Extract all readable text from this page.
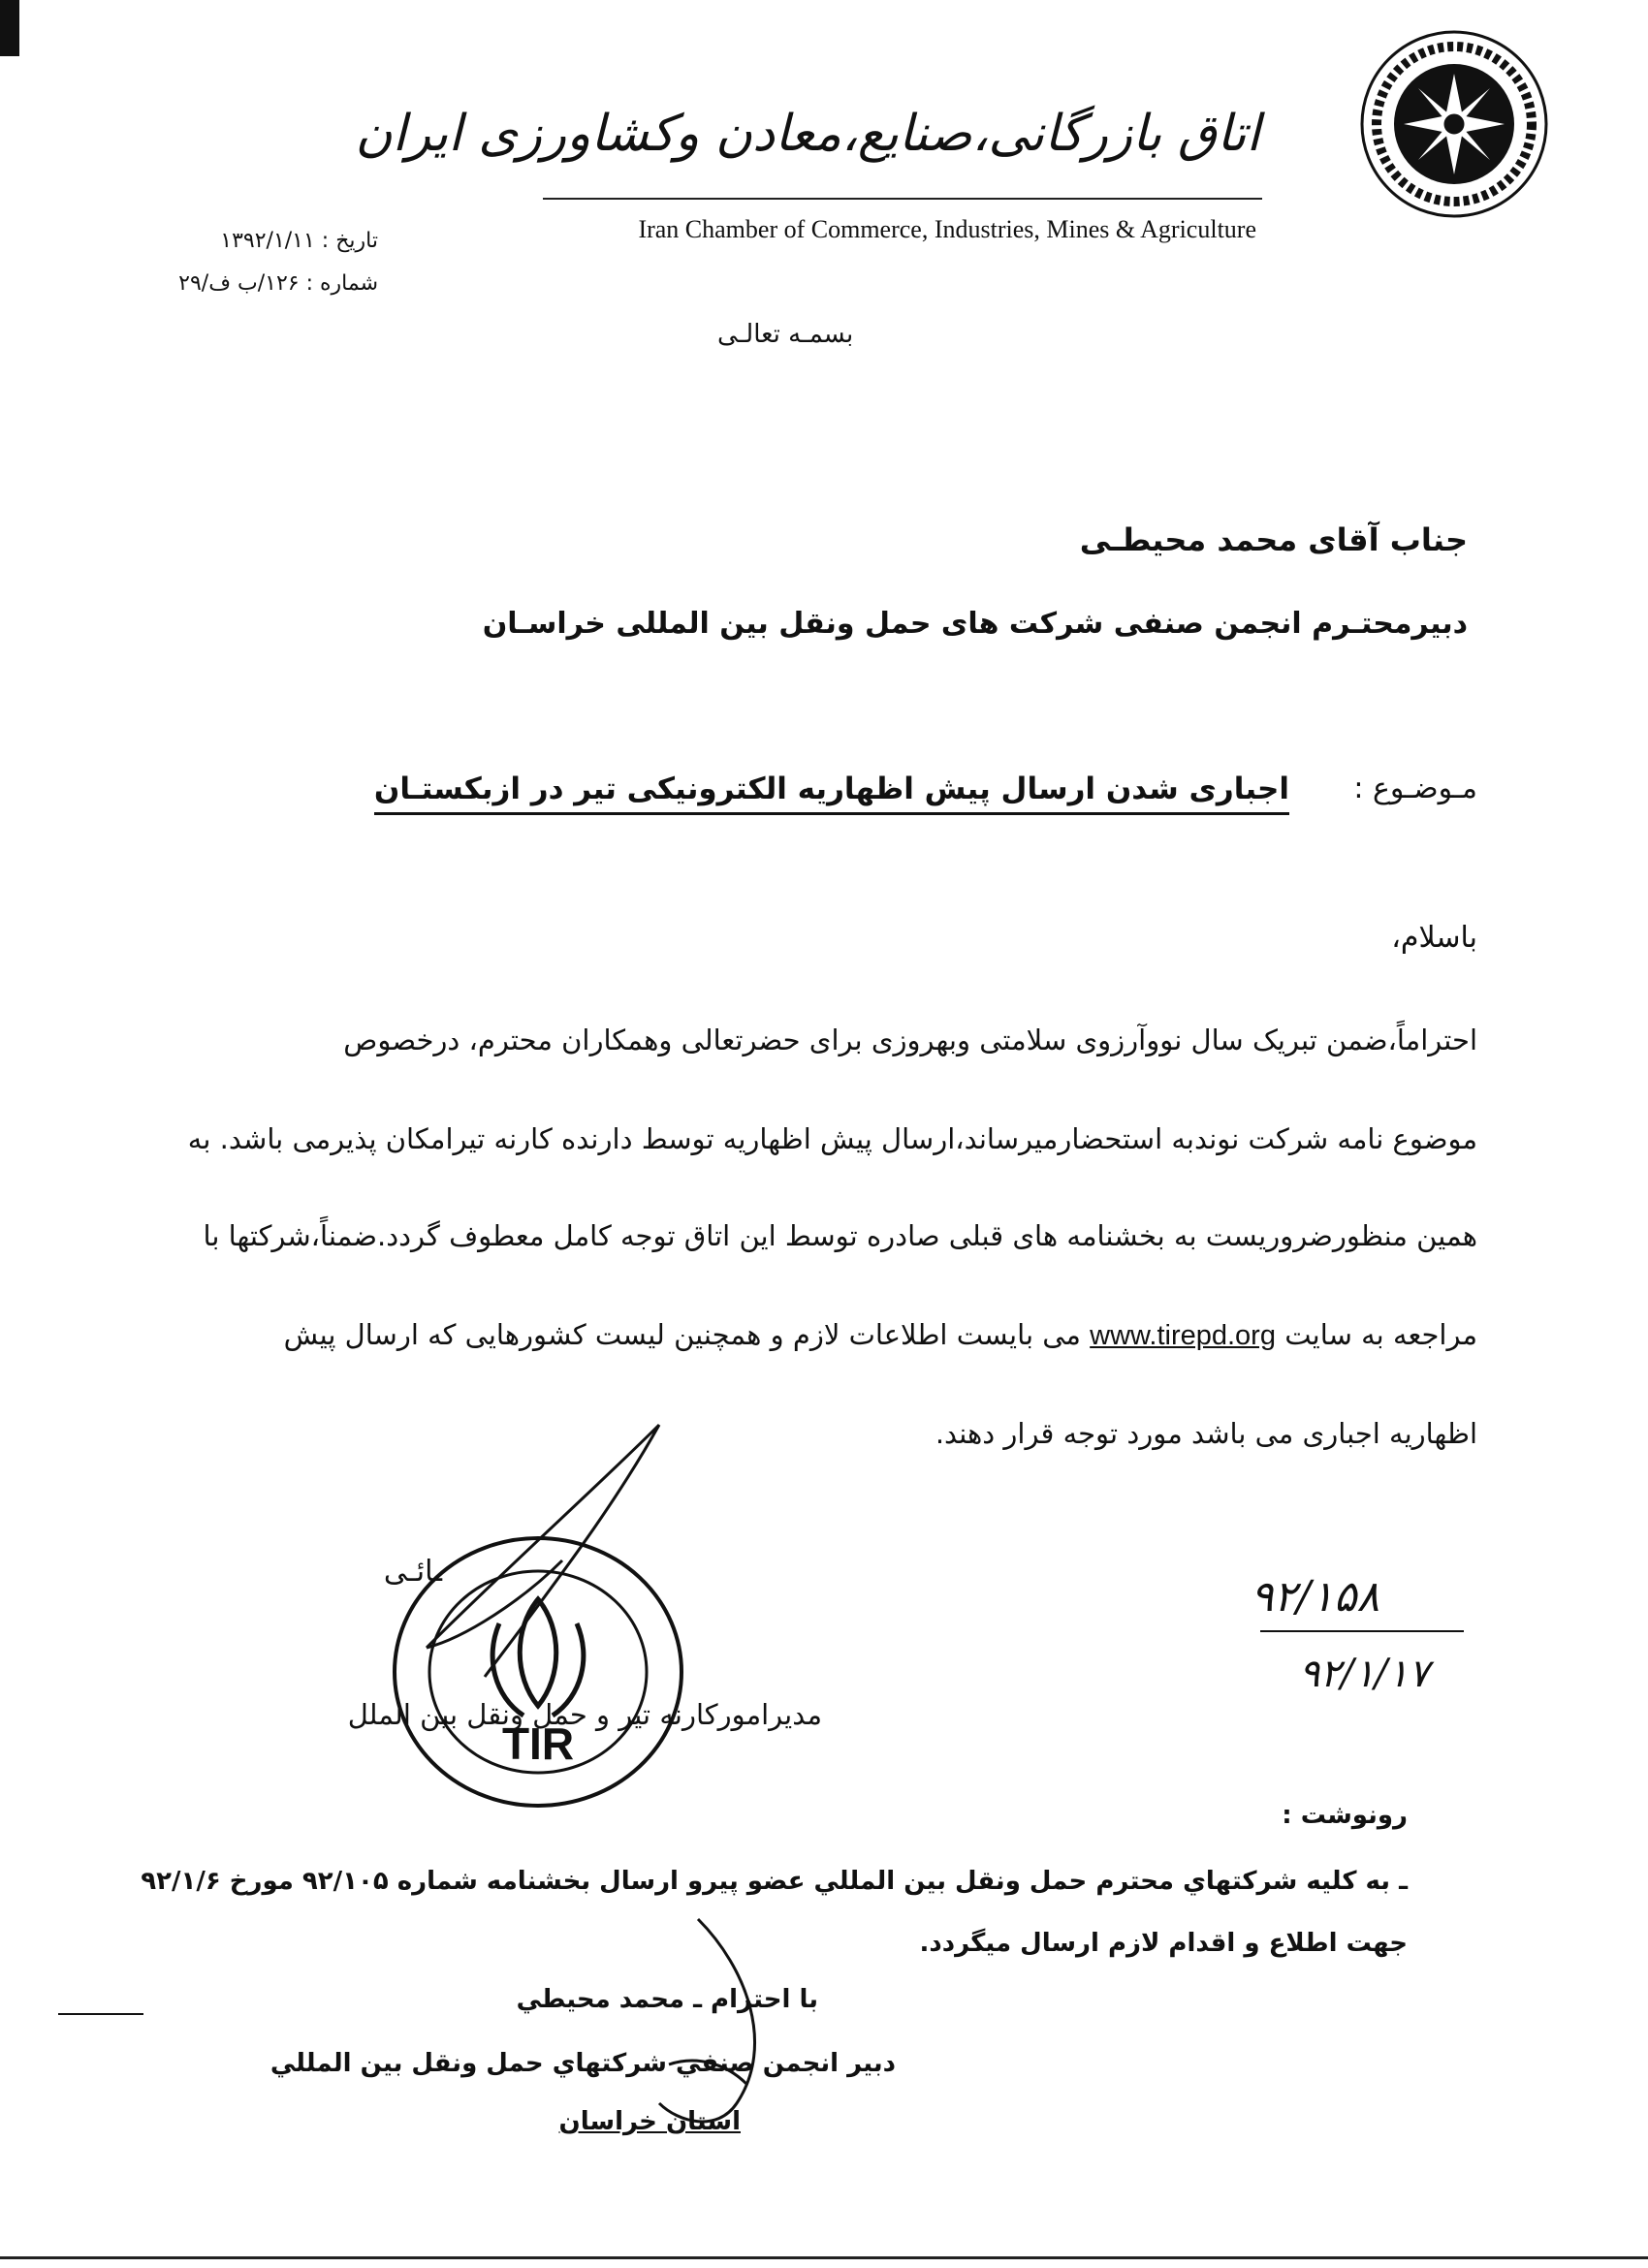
اتاق بازرگانی،صنایع،معادن وکشاورزی ایران
Iran Chamber of Commerce, Industries, Mines & Agriculture
تاریخ : ۱۳۹۲/۱/۱۱
شماره : ۱۲۶/ب ف/۲۹
بسمـه تعالـی
جناب آقای محمد محیطـی
دبیرمحتـرم انجمن صنفی شرکت های حمل ونقل بین المللی خراسـان
مـوضـوع :
اجباری شدن ارسال پیش اظهاریه الکترونیکی تیر در ازبکستـان
باسلام،
احتراماً،ضمن تبریک سال نووآرزوی سلامتی وبهروزی برای حضرتعالی وهمکاران محترم، درخصوص
موضوع نامه شرکت نوندبه استحضارمیرساند،ارسال پیش اظهاریه توسط دارنده کارنه تیرامکان پذیرمی باشد. به
همین منظورضروریست به بخشنامه های قبلی صادره توسط این اتاق توجه کامل معطوف گردد.ضمناً،شرکتها با
مراجعه به سایت www.tirepd.org می بایست اطلاعات لازم و همچنین لیست کشورهایی که ارسال پیش
اظهاریه اجباری می باشد مورد توجه قرار دهند.
TIR
ـائـی
مدیرامورکارنه تیر و حمل ونقل بین الملل
۹۲/۱۵۸
۹۲/۱/۱۷
رونوشت :
ـ به كليه شركتهاي محترم حمل ونقل بين المللي عضو پيرو ارسال بخشنامه شماره ۹۲/۱۰۵ مورخ ۹۲/۱/۶
جهت اطلاع و اقدام لازم ارسال ميگردد.
با احترام ـ محمد محيطي
دبير انجمن صنفي شركتهاي حمل ونقل بين المللي
استان خراسان
